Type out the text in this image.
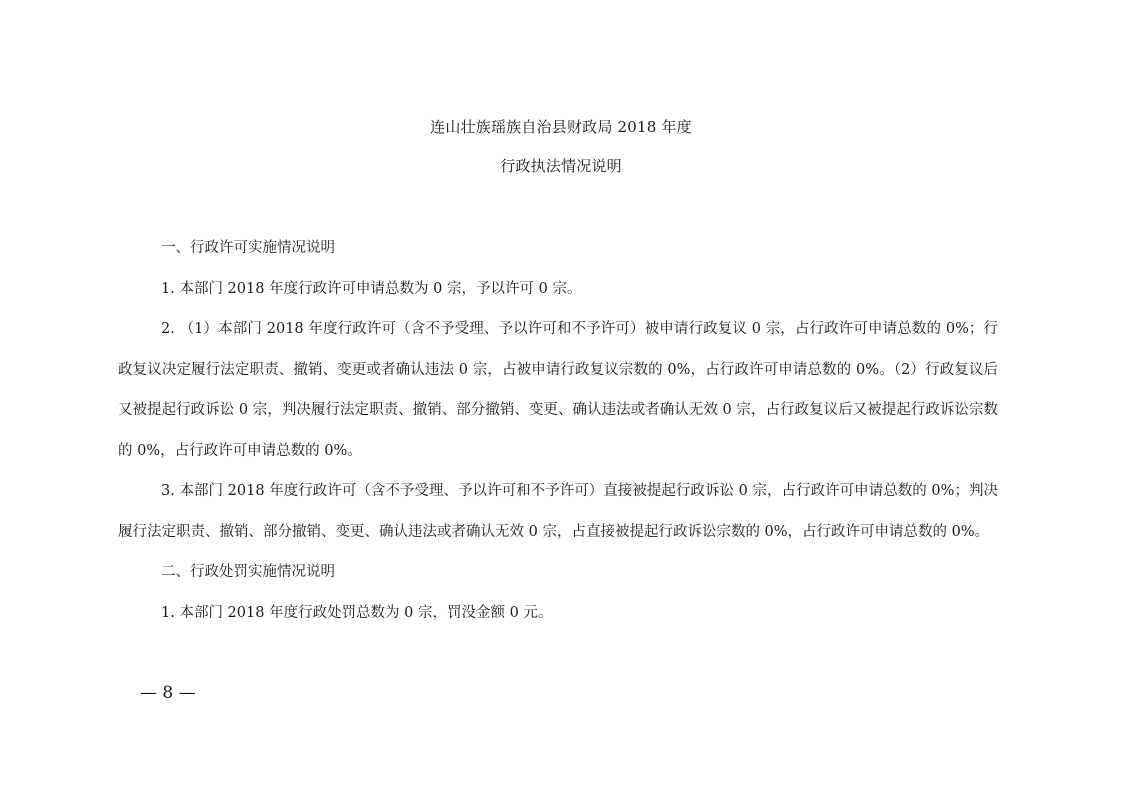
连山壮族瑶族自治县财政局 2018 年度
行政执法情况说明

一、行政许可实施情况说明

1. 本部门 2018 年度行政许可申请总数为 0 宗，予以许可 0 宗。

2. （1）本部门 2018 年度行政许可（含不予受理、予以许可和不予许可）被申请行政复议 0 宗，占行政许可申请总数的 0%；行政复议决定履行法定职责、撤销、变更或者确认违法 0 宗，占被申请行政复议宗数的 0%，占行政许可申请总数的 0%。（2）行政复议后又被提起行政诉讼 0 宗，判决履行法定职责、撤销、部分撤销、变更、确认违法或者确认无效 0 宗，占行政复议后又被提起行政诉讼宗数的 0%，占行政许可申请总数的 0%。

3. 本部门 2018 年度行政许可（含不予受理、予以许可和不予许可）直接被提起行政诉讼 0 宗，占行政许可申请总数的 0%；判决履行法定职责、撤销、部分撤销、变更、确认违法或者确认无效 0 宗，占直接被提起行政诉讼宗数的 0%，占行政许可申请总数的 0%。

二、行政处罚实施情况说明

1. 本部门 2018 年度行政处罚总数为 0 宗，罚没金额 0 元。

— 8 —
